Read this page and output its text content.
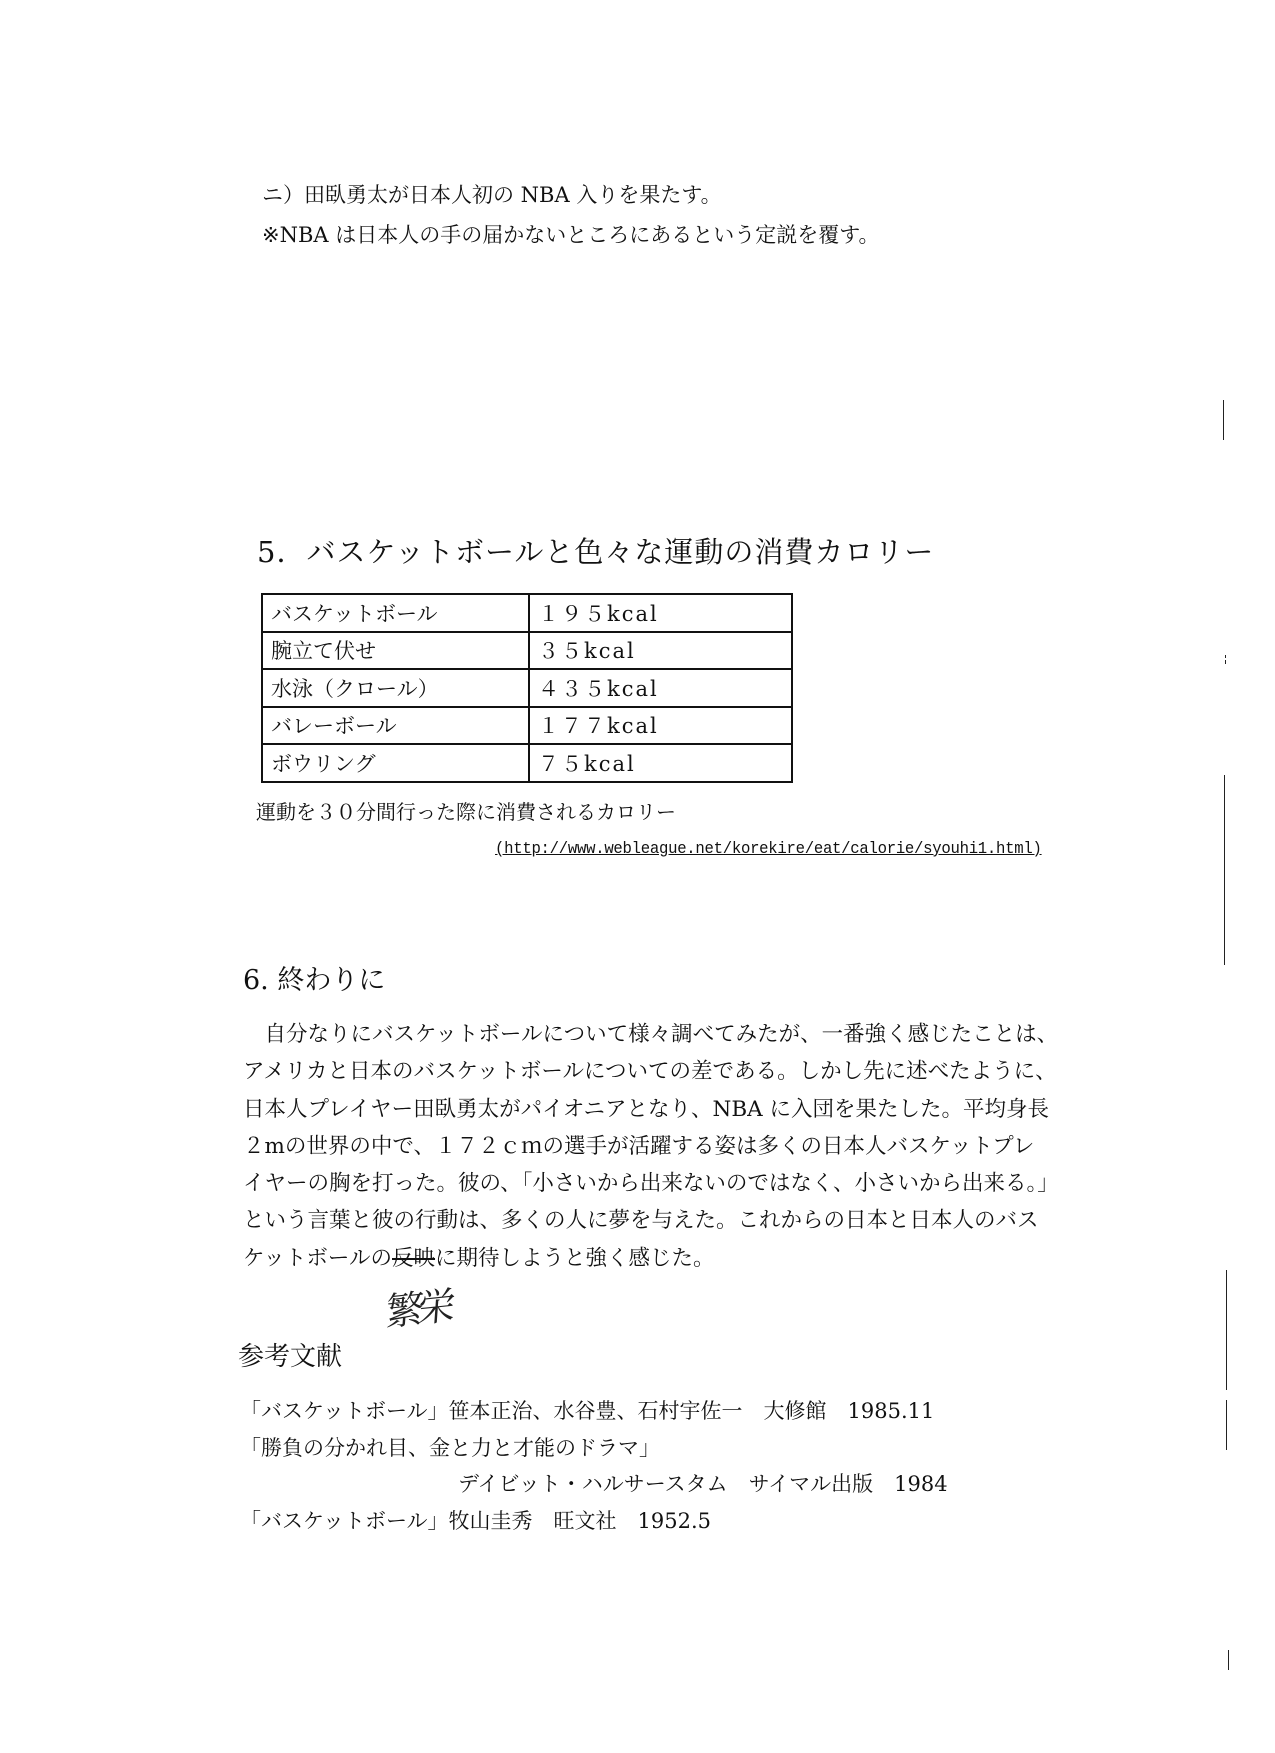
ニ）田臥勇太が日本人初の NBA 入りを果たす。
※NBA は日本人の手の届かないところにあるという定説を覆す。
5．バスケットボールと色々な運動の消費カロリー
バスケットボール	１９５kcal
腕立て伏せ	３５kcal
水泳（クロール）	４３５kcal
バレーボール	１７７kcal
ボウリング	７５kcal
運動を３０分間行った際に消費されるカロリー
(http://www.webleague.net/korekire/eat/calorie/syouhi1.html)
6. 終わりに
　自分なりにバスケットボールについて様々調べてみたが、一番強く感じたことは、
アメリカと日本のバスケットボールについての差である。しかし先に述べたように、
日本人プレイヤー田臥勇太がパイオニアとなり、NBA に入団を果たした。平均身長
２mの世界の中で、１７２ｃｍの選手が活躍する姿は多くの日本人バスケットプレ
イヤーの胸を打った。彼の、「小さいから出来ないのではなく、小さいから出来る。」
という言葉と彼の行動は、多くの人に夢を与えた。これからの日本と日本人のバス
ケットボールの反映に期待しようと強く感じた。
繁栄
参考文献
「バスケットボール」笹本正治、水谷豊、石村宇佐一　大修館　1985.11
「勝負の分かれ目、金と力と才能のドラマ」
デイビット・ハルサースタム　サイマル出版　1984
「バスケットボール」牧山圭秀　旺文社　1952.5
